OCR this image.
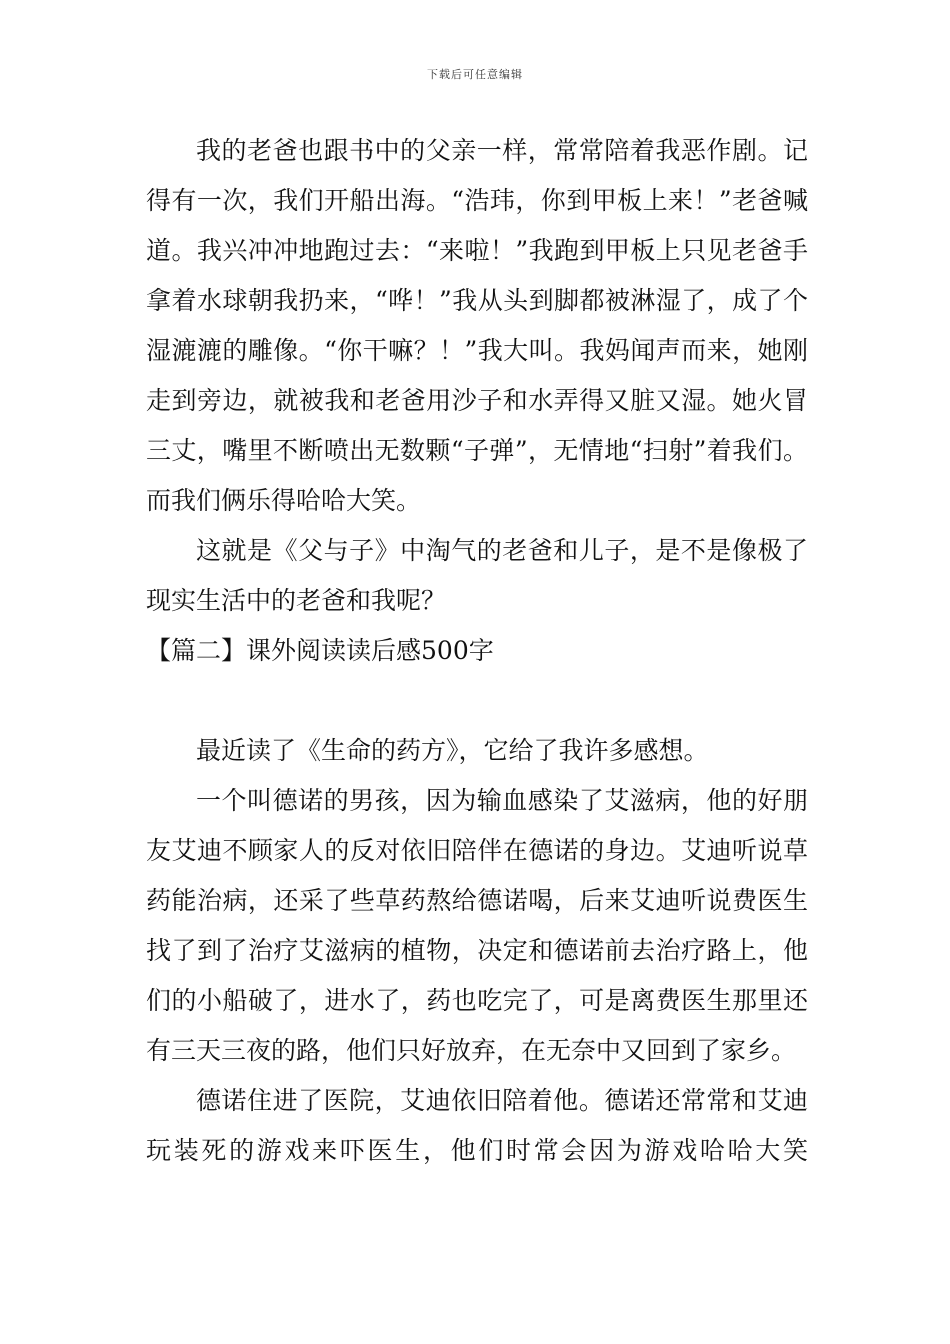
下载后可任意编辑

我的老爸也跟书中的父亲一样，常常陪着我恶作剧。记得有一次，我们开船出海。“浩玮，你到甲板上来！”老爸喊道。我兴冲冲地跑过去：“来啦！”我跑到甲板上只见老爸手拿着水球朝我扔来，“哗！”我从头到脚都被淋湿了，成了个湿漉漉的雕像。“你干嘛？！”我大叫。我妈闻声而来，她刚走到旁边，就被我和老爸用沙子和水弄得又脏又湿。她火冒三丈，嘴里不断喷出无数颗“子弹”，无情地“扫射”着我们。而我们俩乐得哈哈大笑。

这就是《父与子》中淘气的老爸和儿子，是不是像极了现实生活中的老爸和我呢？

【篇二】课外阅读读后感500字

最近读了《生命的药方》，它给了我许多感想。

一个叫德诺的男孩，因为输血感染了艾滋病，他的好朋友艾迪不顾家人的反对依旧陪伴在德诺的身边。艾迪听说草药能治病，还采了些草药熬给德诺喝，后来艾迪听说费医生找了到了治疗艾滋病的植物，决定和德诺前去治疗路上，他们的小船破了，进水了，药也吃完了，可是离费医生那里还有三天三夜的路，他们只好放弃，在无奈中又回到了家乡。

德诺住进了医院，艾迪依旧陪着他。德诺还常常和艾迪玩装死的游戏来吓医生，他们时常会因为游戏哈哈大笑
